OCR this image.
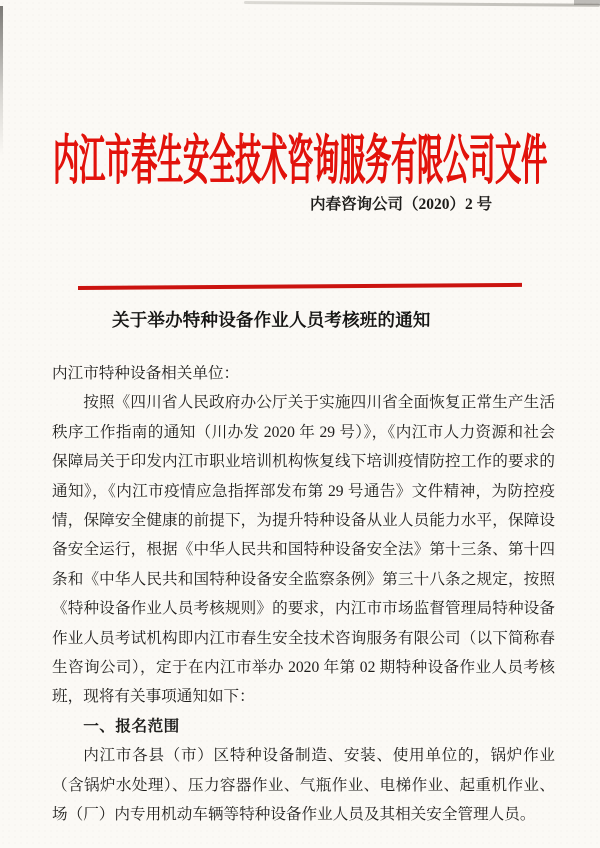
内江市春生安全技术咨询服务有限公司文件
内春咨询公司（2020）2 号
关于举办特种设备作业人员考核班的通知

内江市特种设备相关单位：

按照《四川省人民政府办公厅关于实施四川省全面恢复正常生产生活秩序工作指南的通知（川办发 2020 年 29 号）》，《内江市人力资源和社会保障局关于印发内江市职业培训机构恢复线下培训疫情防控工作的要求的通知》，《内江市疫情应急指挥部发布第 29 号通告》文件精神，为防控疫情，保障安全健康的前提下，为提升特种设备从业人员能力水平，保障设备安全运行，根据《中华人民共和国特种设备安全法》第十三条、第十四条和《中华人民共和国特种设备安全监察条例》第三十八条之规定，按照《特种设备作业人员考核规则》的要求，内江市市场监督管理局特种设备作业人员考试机构即内江市春生安全技术咨询服务有限公司（以下简称春生咨询公司），定于在内江市举办 2020 年第 02 期特种设备作业人员考核班，现将有关事项通知如下：

一、报名范围

内江市各县（市）区特种设备制造、安装、使用单位的，锅炉作业（含锅炉水处理）、压力容器作业、气瓶作业、电梯作业、起重机作业、场（厂）内专用机动车辆等特种设备作业人员及其相关安全管理人员。
